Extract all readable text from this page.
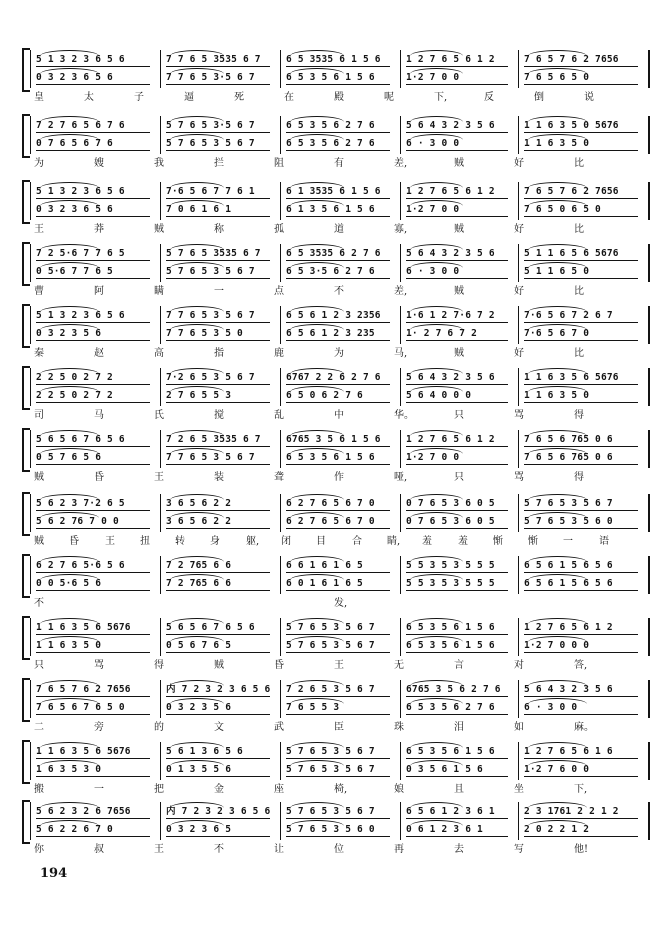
5 1 3 2 3 6 5 6	7 7 6 5 3535 6 7	6 5 3535 6 1 5 6	1 2 7 6 5 6 1 2	7 6 5 7 6 2 7656
0 3 2 3 6 5 6	7 7 6 5 3·5 6 7	6 5 3 5 6 1 5 6	1·2 7 0 0	7 6 5 6 5 0
皇	太	子	逼	死	在	殿	呢	下,	反	倒	说
7 2 7 6 5 6 7 6	5 7 6 5 3·5 6 7	6 5 3 5 6 2 7 6	5 6 4 3 2 3 5 6	1 1 6 3 5 0 5676
0 7 6 5 6 7 6	5 7 6 5 3 5 6 7	6 5 3 5 6 2 7 6	6 · 3 0 0	1 1 6 3 5 0
为	嫂	我	拦	阻	有	差,	贼	好	比
5 1 3 2 3 6 5 6	7·6 5 6 7 7 6 1	6 1 3535 6 1 5 6	1 2 7 6 5 6 1 2	7 6 5 7 6 2 7656
0 3 2 3 6 5 6	7 0 6 1 6 1	6 1 3 5 6 1 5 6	1·2 7 0 0	7 6 5 0 6 5 0
王	莽	贼	称	孤	道	寡,	贼	好	比
7 2 5·6 7 7 6 5	5 7 6 5 3535 6 7	6 5 3535 6 2 7 6	5 6 4 3 2 3 5 6	5 1 1 6 5 6 5676
0 5·6 7 7 6 5	5 7 6 5 3 5 6 7	6 5 3·5 6 2 7 6	6 · 3 0 0	5 1 1 6 5 0
曹	阿	瞒	一	点	不	差,	贼	好	比
5 1 3 2 3 6 5 6	7 7 6 5 3 5 6 7	6 5 6 1 2 3 2356	1·6 1 2 7·6 7 2	7·6 5 6 7 2 6 7
0 3 2 3 5 6	7 7 6 5 3 5 0	6 5 6 1 2 3 235	1· 2 7 6 7 2	7·6 5 6 7 0
秦	赵	高	指	鹿	为	马,	贼	好	比
2 2 5 0 2 7 2	7·2 6 5 3 5 6 7	6767 2 2 6 2 7 6	5 6 4 3 2 3 5 6	1 1 6 3 5 6 5676
2 2 5 0 2 7 2	2 7 6 5 5 3	6 5 0 6 2 7 6	5 6 4 0 0 0	1 1 6 3 5 0
司	马	氏	搅	乱	中	华。	只	骂	得
5 6 5 6 7 6 5 6	7 2 6 5 3535 6 7	6765 3 5 6 1 5 6	1 2 7 6 5 6 1 2	7 6 5 6 765 0 6
0 5 7 6 5 6	7 7 6 5 3 5 6 7	6 5 3 5 6 1 5 6	1·2 7 0 0	7 6 5 6 765 0 6
贼	昏	王	装	聋	作	哑,	只	骂	得
5 6 2 3 7·2 6 5	3 6 5 6 2 2	6 2 7 6 5 6 7 0	0 7 6 5 3 6 0 5	5 7 6 5 3 5 6 7
5 6 2 76 7 0 0	3 6 5 6 2 2	6 2 7 6 5 6 7 0	0 7 6 5 3 6 0 5	5 7 6 5 3 5 6 0
贼	昏	王	扭	转	身	躯, 闭	目	合	睛, 羞	羞	惭	惭	一	语
6 2 7 6 5·6 5 6	7 2 765 6 6	6 6 1 6 1 6 5	5 5 3 5 3 5 5 5	6 5 6 1 5 6 5 6
0 0 5·6 5 6	7 2 765 6 6	6 0 1 6 1 6 5	5 5 3 5 3 5 5 5	6 5 6 1 5 6 5 6
不	发,
1 1 6 3 5 6 5676	5 6 5 6 7 6 5 6	5 7 6 5 3 5 6 7	6 5 3 5 6 1 5 6	1 2 7 6 5 6 1 2
1 1 6 3 5 0	0 5 6 7 6 5	5 7 6 5 3 5 6 7	6 5 3 5 6 1 5 6	1·2 7 0 0 0
只	骂	得	贼	昏	王	无	言	对	答,
7 6 5 7 6 2 7656	内 7 2 3 2 3 6 5 6	7 2 6 5 3 5 6 7	6765 3 5 6 2 7 6	5 6 4 3 2 3 5 6
7 6 5 6 7 6 5 0	0 3 2 3 5 6	7 6 5 5 3	6 5 3 5 6 2 7 6	6 · 3 0 0
二	旁	的	文	武	臣	珠	泪	如	麻。
1 1 6 3 5 6 5676	5 6 1 3 6 5 6	5 7 6 5 3 5 6 7	6 5 3 5 6 1 5 6	1 2 7 6 5 6 1 6
1 6 3 5 3 0	0 1 3 5 5 6	5 7 6 5 3 5 6 7	0 3 5 6 1 5 6	1·2 7 6 0 0
搬	一	把	金	座	椅,	娘	且	坐	下,
5 6 2 3 2 6 7656	内 7 2 3 2 3 6 5 6	5 7 6 5 3 5 6 7	6 5 6 1 2 3 6 1	2 3 1761 2 2 1 2
5 6 2 2 6 7 0	0 3 2 3 6 5	5 7 6 5 3 5 6 0	0 6 1 2 3 6 1	2 0 2 2 1 2
你	叔	王	不	让	位	再	去	写	他!
194
